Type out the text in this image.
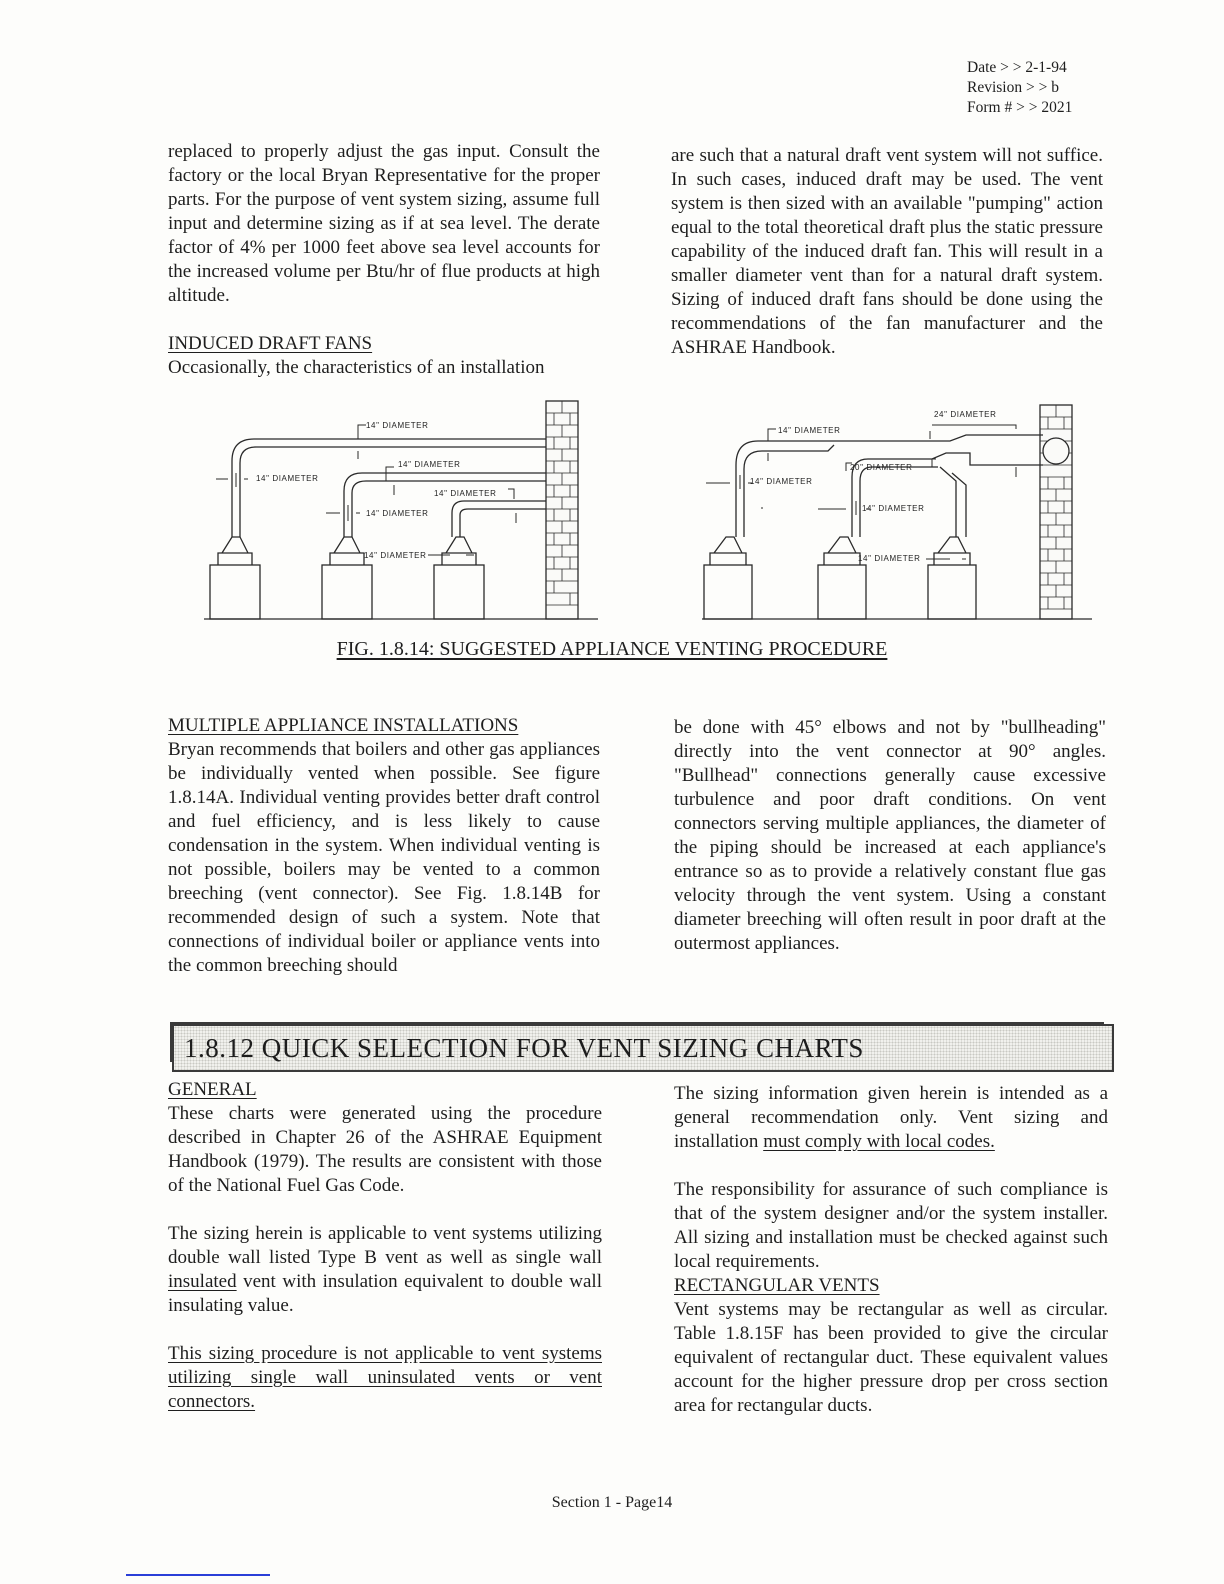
Date > > 2-1-94
Revision > > b
Form # > > 2021

replaced to properly adjust the gas input. Consult the factory or the local Bryan Representative for the proper parts. For the purpose of vent system sizing, assume full input and determine sizing as if at sea level. The derate factor of 4% per 1000 feet above sea level accounts for the increased volume per Btu/hr of flue products at high altitude.

INDUCED DRAFT FANS

Occasionally, the characteristics of an installation

are such that a natural draft vent system will not suffice. In such cases, induced draft may be used. The vent system is then sized with an available "pumping" action equal to the total theoretical draft plus the static pressure capability of the induced draft fan. This will result in a smaller diameter vent than for a natural draft system. Sizing of induced draft fans should be done using the recommendations of the fan manufacturer and the ASHRAE Handbook.

14" DIAMETER
14" DIAMETER
14" DIAMETER
14" DIAMETER
14" DIAMETER
14" DIAMETER
14" DIAMETER
24" DIAMETER
20" DIAMETER
14" DIAMETER
14" DIAMETER
14" DIAMETER
FIG. 1.8.14: SUGGESTED APPLIANCE VENTING PROCEDURE

MULTIPLE APPLIANCE INSTALLATIONS

Bryan recommends that boilers and other gas appliances be individually vented when possible. See figure 1.8.14A. Individual venting provides better draft control and fuel efficiency, and is less likely to cause condensation in the system. When individual venting is not possible, boilers may be vented to a common breeching (vent connector). See Fig. 1.8.14B for recommended design of such a system. Note that connections of individual boiler or appliance vents into the common breeching should

be done with 45° elbows and not by "bullheading" directly into the vent connector at 90° angles. "Bullhead" connections generally cause excessive turbulence and poor draft conditions. On vent connectors serving multiple appliances, the diameter of the piping should be increased at each appliance's entrance so as to provide a relatively constant flue gas velocity through the vent system. Using a constant diameter breeching will often result in poor draft at the outermost appliances.

1.8.12 QUICK SELECTION FOR VENT SIZING CHARTS

GENERAL

These charts were generated using the procedure described in Chapter 26 of the ASHRAE Equipment Handbook (1979). The results are consistent with those of the National Fuel Gas Code.

The sizing herein is applicable to vent systems utilizing double wall listed Type B vent as well as single wall insulated vent with insulation equivalent to double wall insulating value.

This sizing procedure is not applicable to vent systems utilizing single wall uninsulated vents or vent connectors.

The sizing information given herein is intended as a general recommendation only. Vent sizing and installation must comply with local codes.

The responsibility for assurance of such compliance is that of the system designer and/or the system installer. All sizing and installation must be checked against such local requirements.

RECTANGULAR VENTS

Vent systems may be rectangular as well as circular. Table 1.8.15F has been provided to give the circular equivalent of rectangular duct. These equivalent values account for the higher pressure drop per cross section area for rectangular ducts.

Section 1 - Page14
